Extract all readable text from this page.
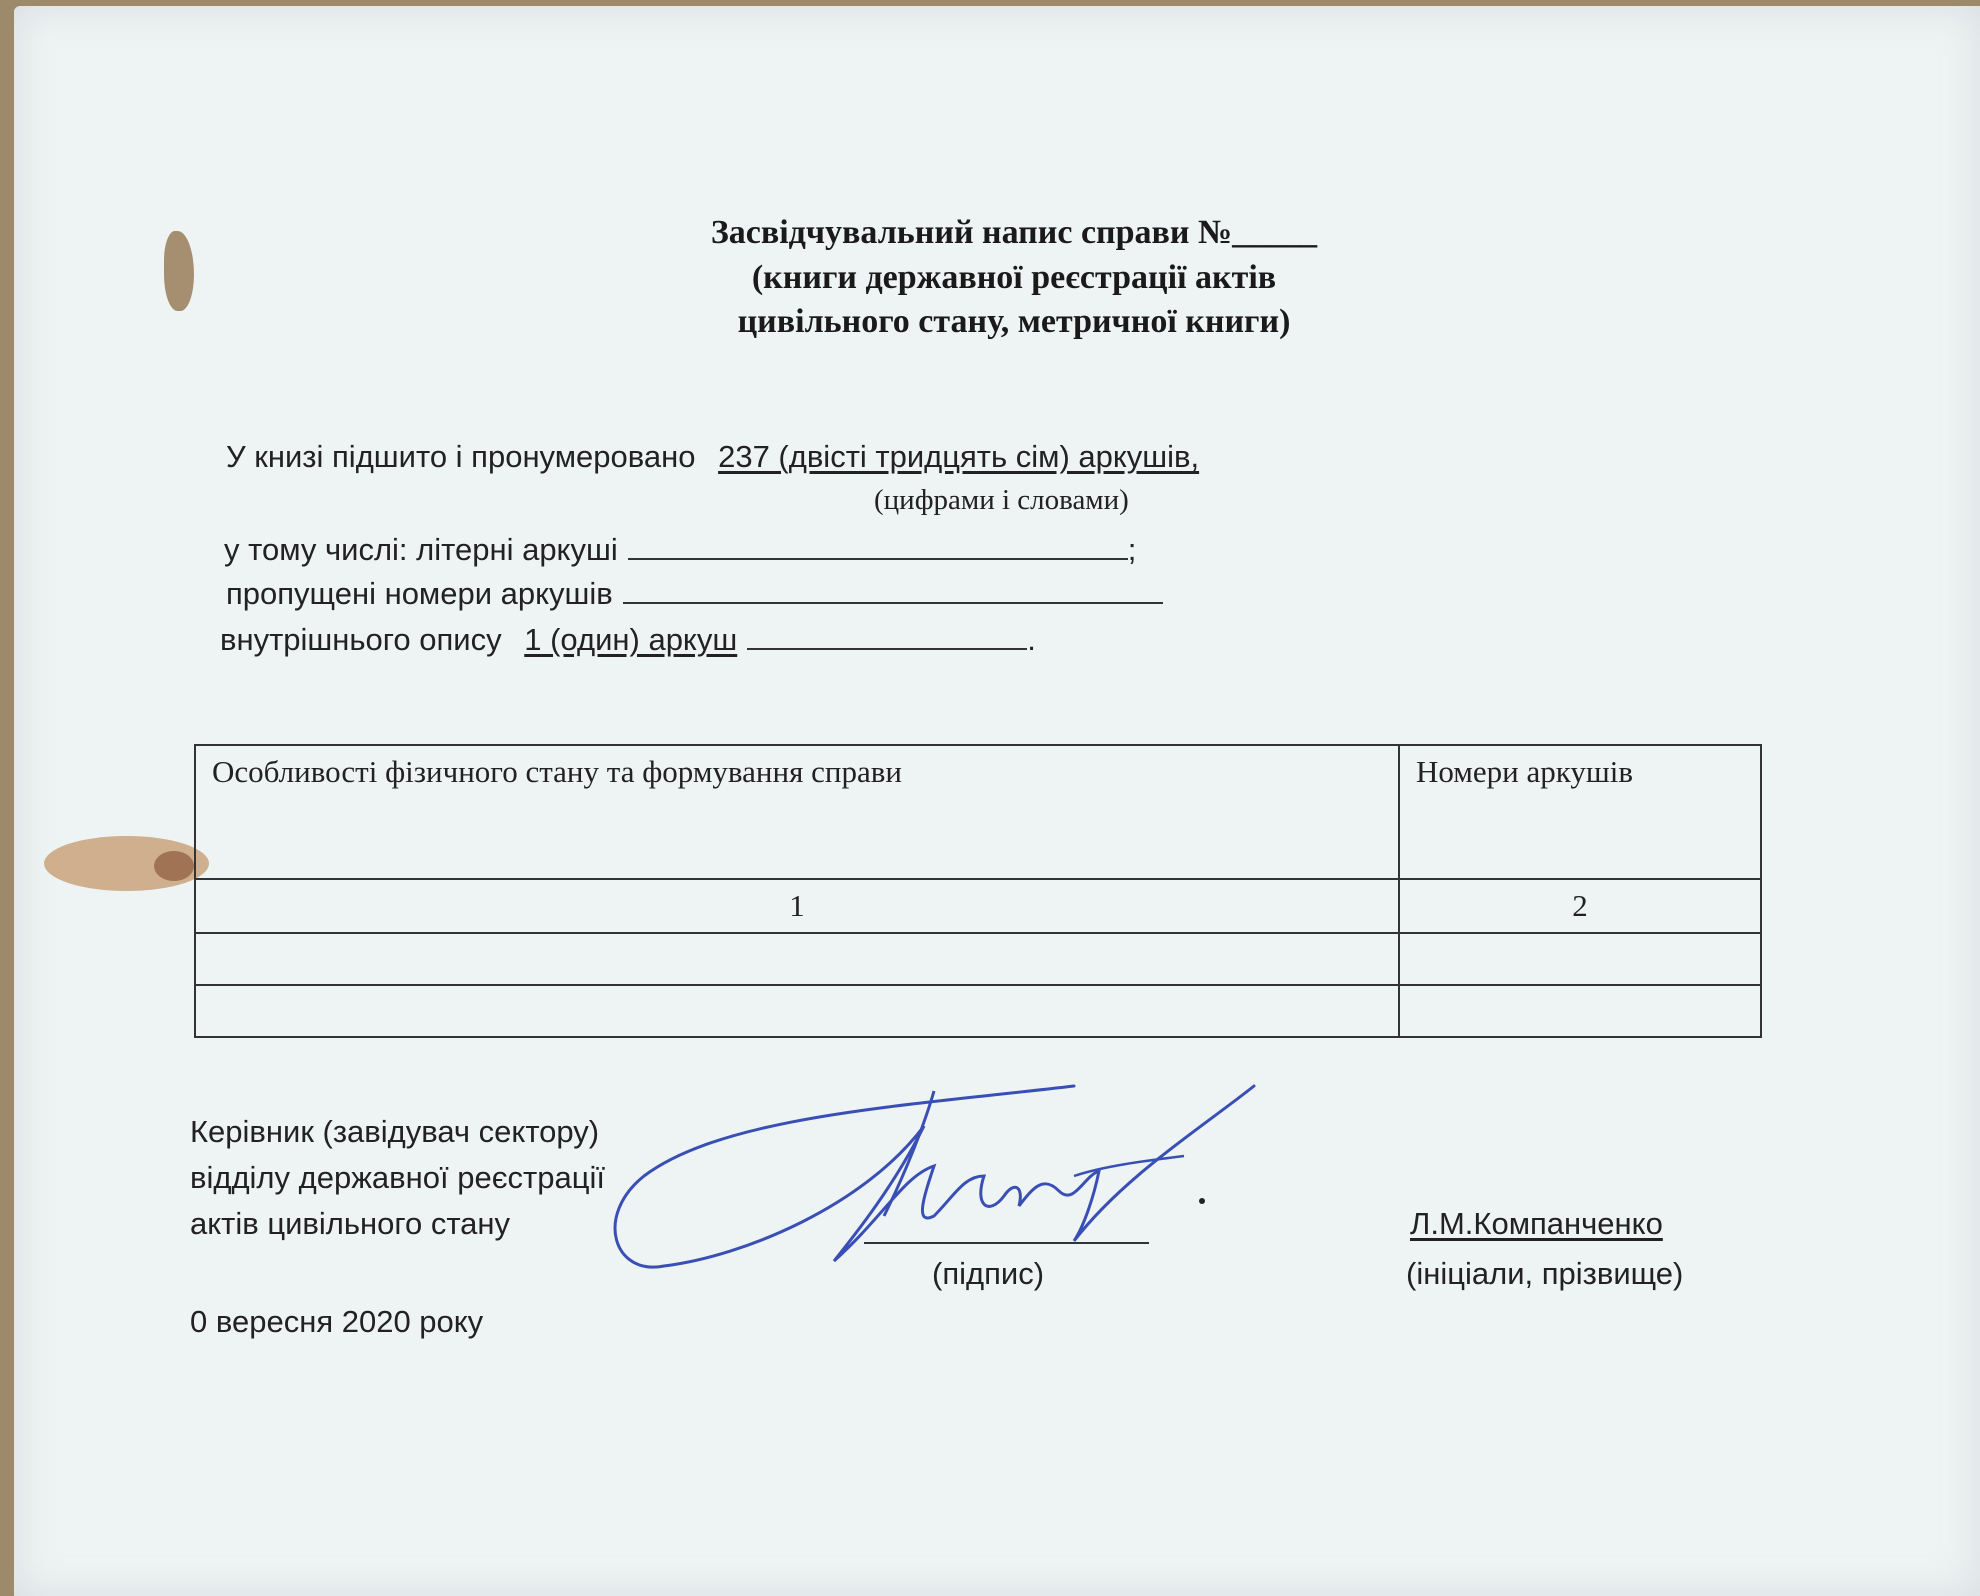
Засвідчувальний напис справи №_____
(книги державної реєстрації актів
цивільного стану, метричної книги)
У книзі підшито і пронумеровано 237 (двісті тридцять сім) аркушів,
(цифрами і словами)
у тому числі: літерні аркуші	;
пропущені номери аркушів
внутрішнього опису 1 (один) аркуш	.
Особливості фізичного стану та формування справи	Номери аркушів
1	2

Керівник (завідувач сектору)
відділу державної реєстрації
актів цивільного стану
(підпис)
Л.М.Компанченко
(ініціали, прізвище)
0 вересня 2020 року
